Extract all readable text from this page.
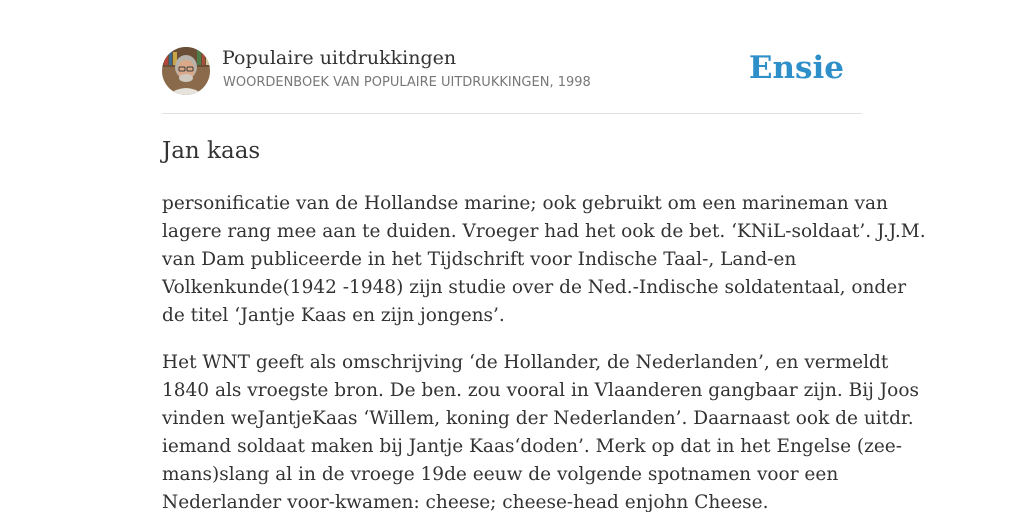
Populaire uitdrukkingen
WOORDENBOEK VAN POPULAIRE UITDRUKKINGEN, 1998	Ensie
Jan kaas
personificatie van de Hollandse marine; ook gebruikt om een marineman van
lagere rang mee aan te duiden. Vroeger had het ook de bet. ‘KNiL-soldaat’. J.J.M.
van Dam publiceerde in het Tijdschrift voor Indische Taal-, Land-en
Volkenkunde(1942 -1948) zijn studie over de Ned.-Indische soldatentaal, onder
de titel ‘Jantje Kaas en zijn jongens’.
Het WNT geeft als omschrijving ‘de Hollander, de Nederlanden’, en vermeldt
1840 als vroegste bron. De ben. zou vooral in Vlaanderen gangbaar zijn. Bij Joos
vinden weJantjeKaas ‘Willem, koning der Nederlanden’. Daarnaast ook de uitdr.
iemand soldaat maken bij Jantje Kaas‘doden’. Merk op dat in het Engelse (zee-
mans)slang al in de vroege 19de eeuw de volgende spotnamen voor een
Nederlander voor-kwamen: cheese; cheese-head enjohn Cheese.
